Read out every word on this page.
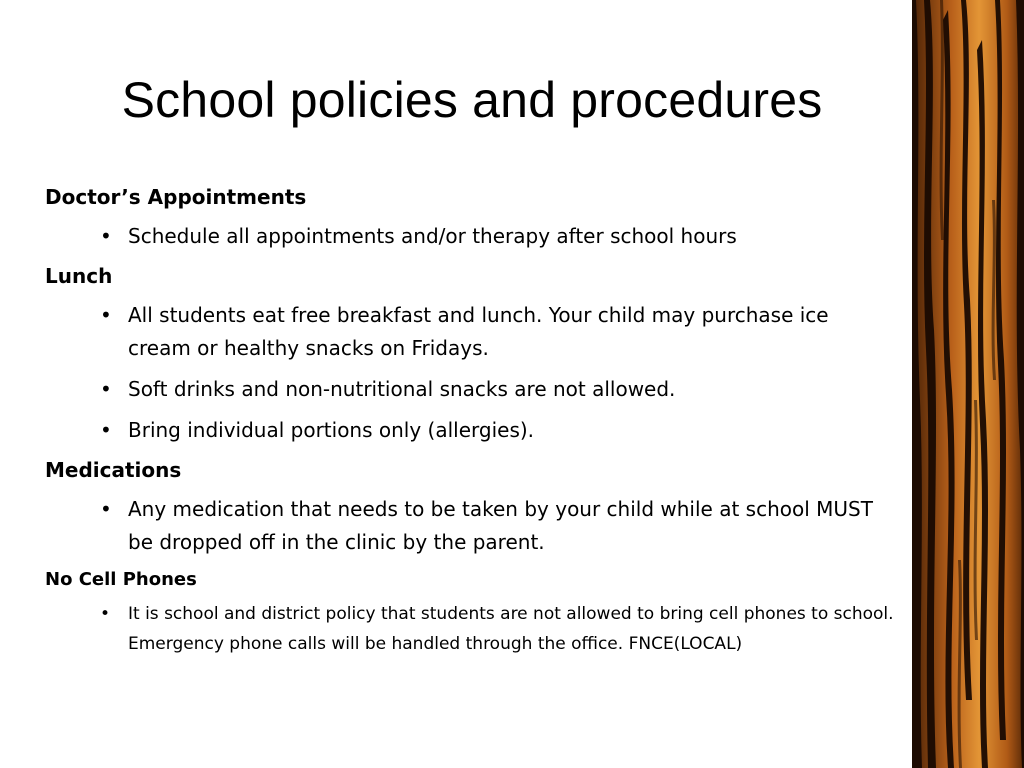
School policies and procedures
Doctor’s Appointments
• Schedule all appointments and/or therapy after school hours
Lunch
• All students eat free breakfast and lunch. Your child may purchase ice cream or healthy snacks on Fridays.
• Soft drinks and non-nutritional snacks are not allowed.
• Bring individual portions only (allergies).
Medications
• Any medication that needs to be taken by your child while at school MUST be dropped off in the clinic by the parent.
No Cell Phones
• It is school and district policy that students are not allowed to bring cell phones to school. Emergency phone calls will be handled through the office. FNCE(LOCAL)
